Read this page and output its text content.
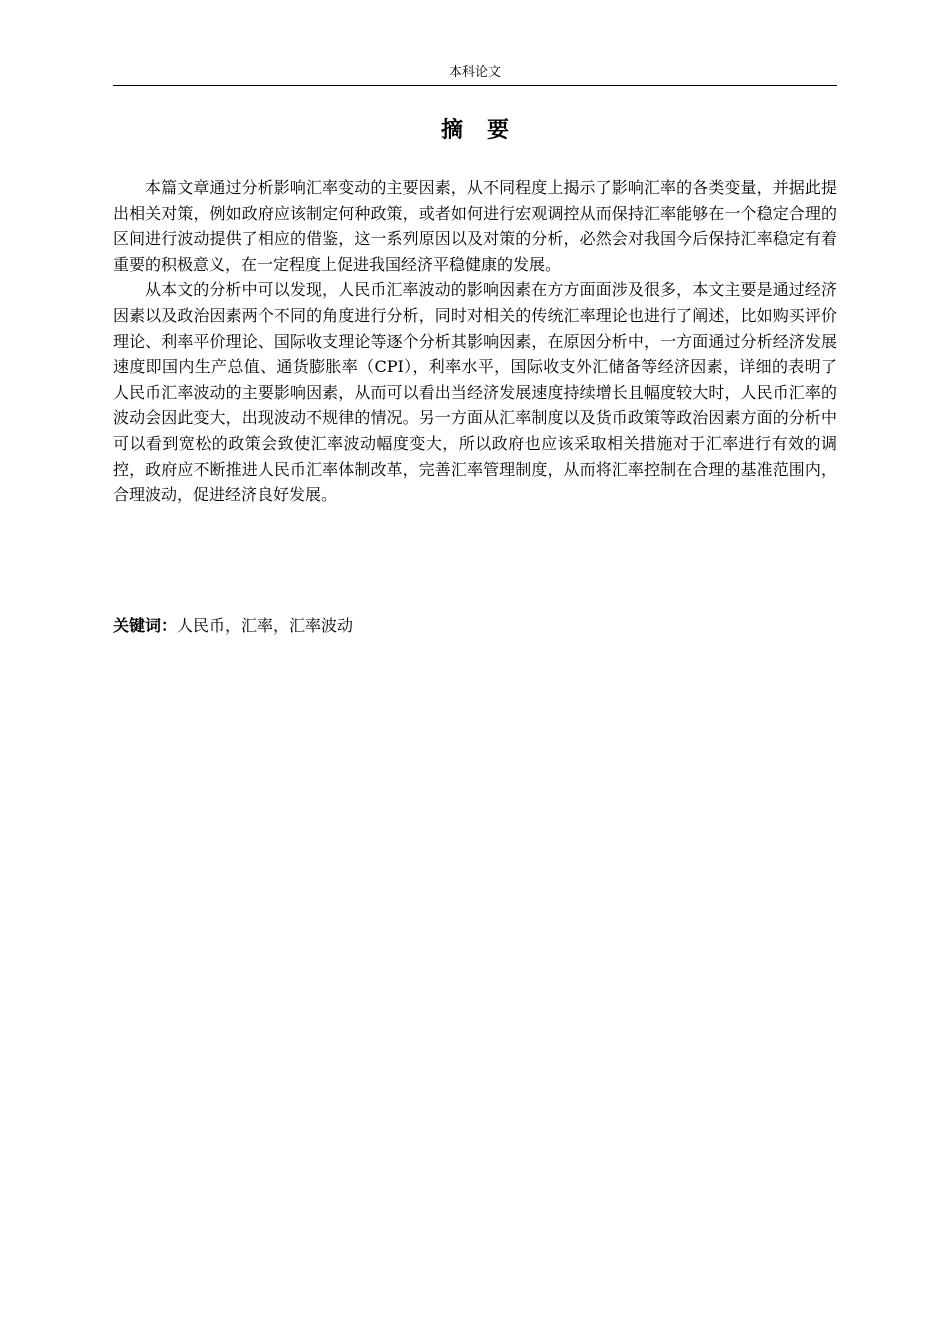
本科论文
摘要

本篇文章通过分析影响汇率变动的主要因素，从不同程度上揭示了影响汇率的各类变量，并据此提出相关对策，例如政府应该制定何种政策，或者如何进行宏观调控从而保持汇率能够在一个稳定合理的区间进行波动提供了相应的借鉴，这一系列原因以及对策的分析，必然会对我国今后保持汇率稳定有着重要的积极意义，在一定程度上促进我国经济平稳健康的发展。

从本文的分析中可以发现，人民币汇率波动的影响因素在方方面面涉及很多，本文主要是通过经济因素以及政治因素两个不同的角度进行分析，同时对相关的传统汇率理论也进行了阐述，比如购买评价理论、利率平价理论、国际收支理论等逐个分析其影响因素，在原因分析中，一方面通过分析经济发展速度即国内生产总值、通货膨胀率（CPI），利率水平，国际收支外汇储备等经济因素，详细的表明了人民币汇率波动的主要影响因素，从而可以看出当经济发展速度持续增长且幅度较大时，人民币汇率的波动会因此变大，出现波动不规律的情况。另一方面从汇率制度以及货币政策等政治因素方面的分析中可以看到宽松的政策会致使汇率波动幅度变大，所以政府也应该采取相关措施对于汇率进行有效的调控，政府应不断推进人民币汇率体制改革，完善汇率管理制度，从而将汇率控制在合理的基准范围内，合理波动，促进经济良好发展。

关键词：人民币，汇率，汇率波动
